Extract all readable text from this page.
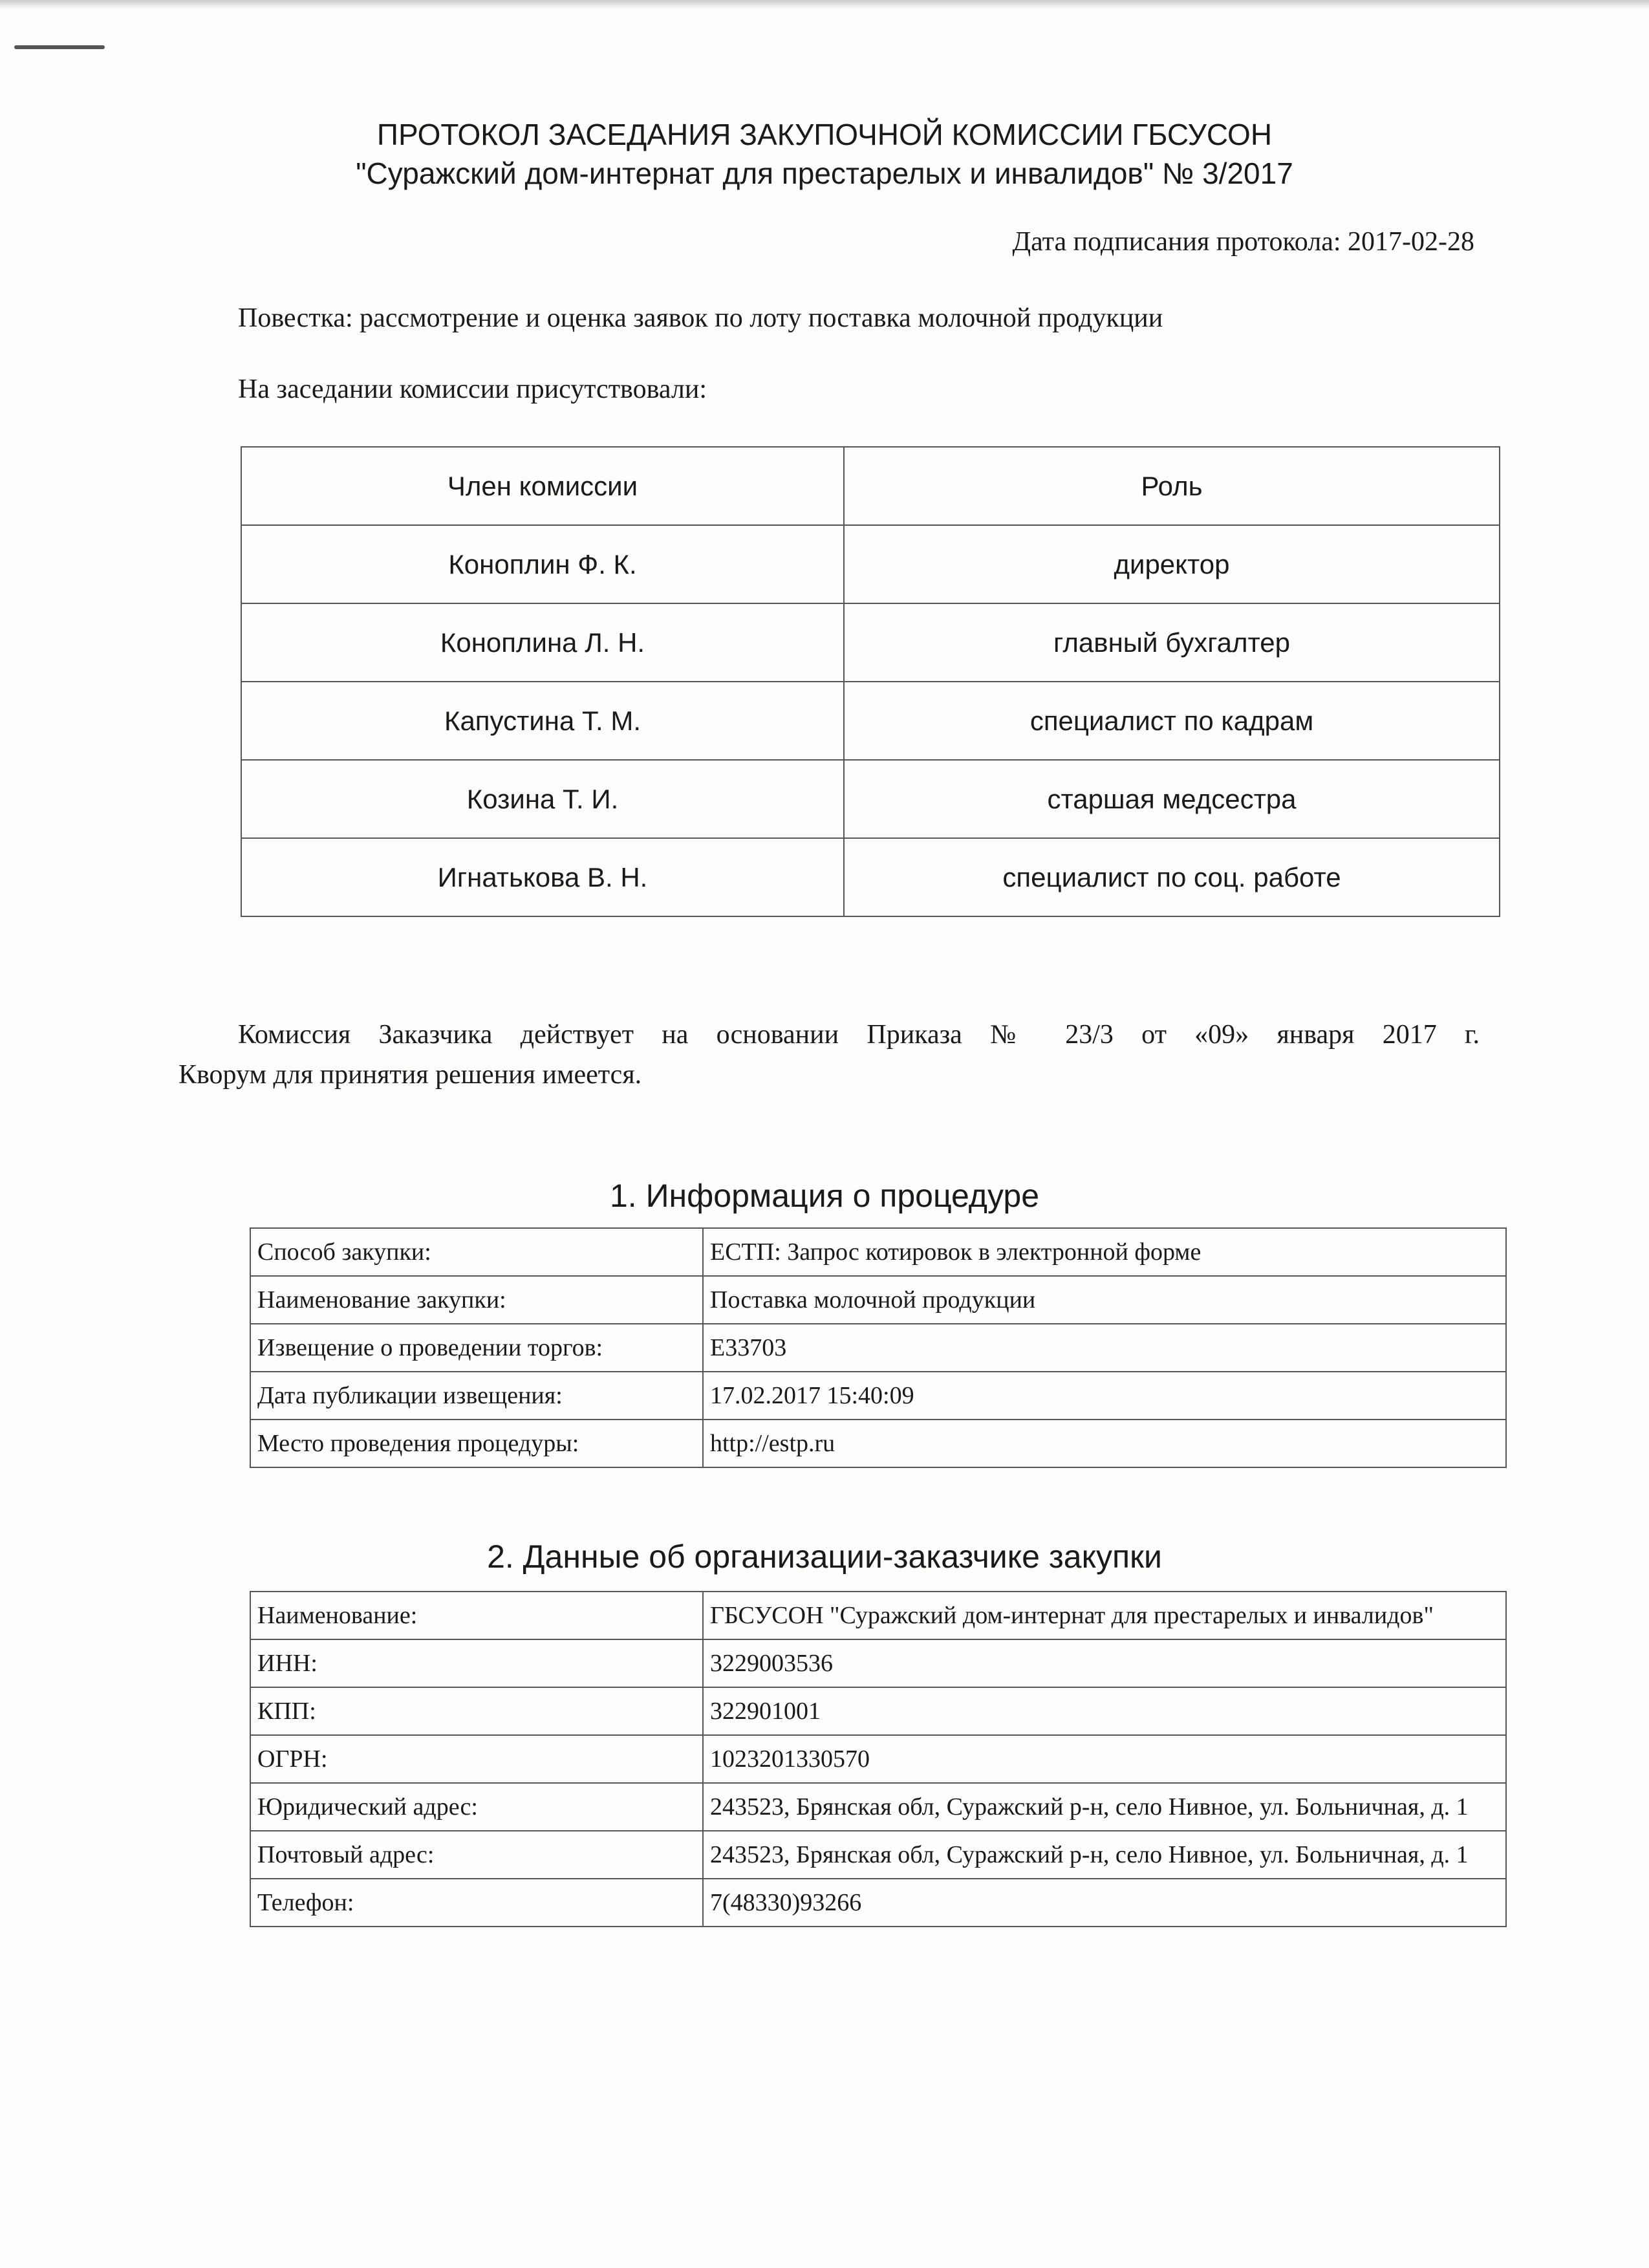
ПРОТОКОЛ ЗАСЕДАНИЯ ЗАКУПОЧНОЙ КОМИССИИ ГБСУСОН
"Суражский дом-интернат для престарелых и инвалидов" № 3/2017
Дата подписания протокола: 2017-02-28
Повестка: рассмотрение и оценка заявок по лоту поставка молочной продукции
На заседании комиссии присутствовали:
Член комиссии	Роль
Коноплин Ф. К.	директор
Коноплина Л. Н.	главный бухгалтер
Капустина Т. М.	специалист по кадрам
Козина Т. И.	старшая медсестра
Игнатькова В. Н.	специалист по соц. работе
Комиссия Заказчика действует на основании Приказа № 23/3 от «09» января 2017 г.
Кворум для принятия решения имеется.
1. Информация о процедуре
Способ закупки:	ЕСТП: Запрос котировок в электронной форме
Наименование закупки:	Поставка молочной продукции
Извещение о проведении торгов:	E33703
Дата публикации извещения:	17.02.2017 15:40:09
Место проведения процедуры:	http://estp.ru
2. Данные об организации-заказчике закупки
Наименование:	ГБСУСОН "Суражский дом-интернат для престарелых и инвалидов"
ИНН:	3229003536
КПП:	322901001
ОГРН:	1023201330570
Юридический адрес:	243523, Брянская обл, Суражский р-н, село Нивное, ул. Больничная, д. 1
Почтовый адрес:	243523, Брянская обл, Суражский р-н, село Нивное, ул. Больничная, д. 1
Телефон:	7(48330)93266
